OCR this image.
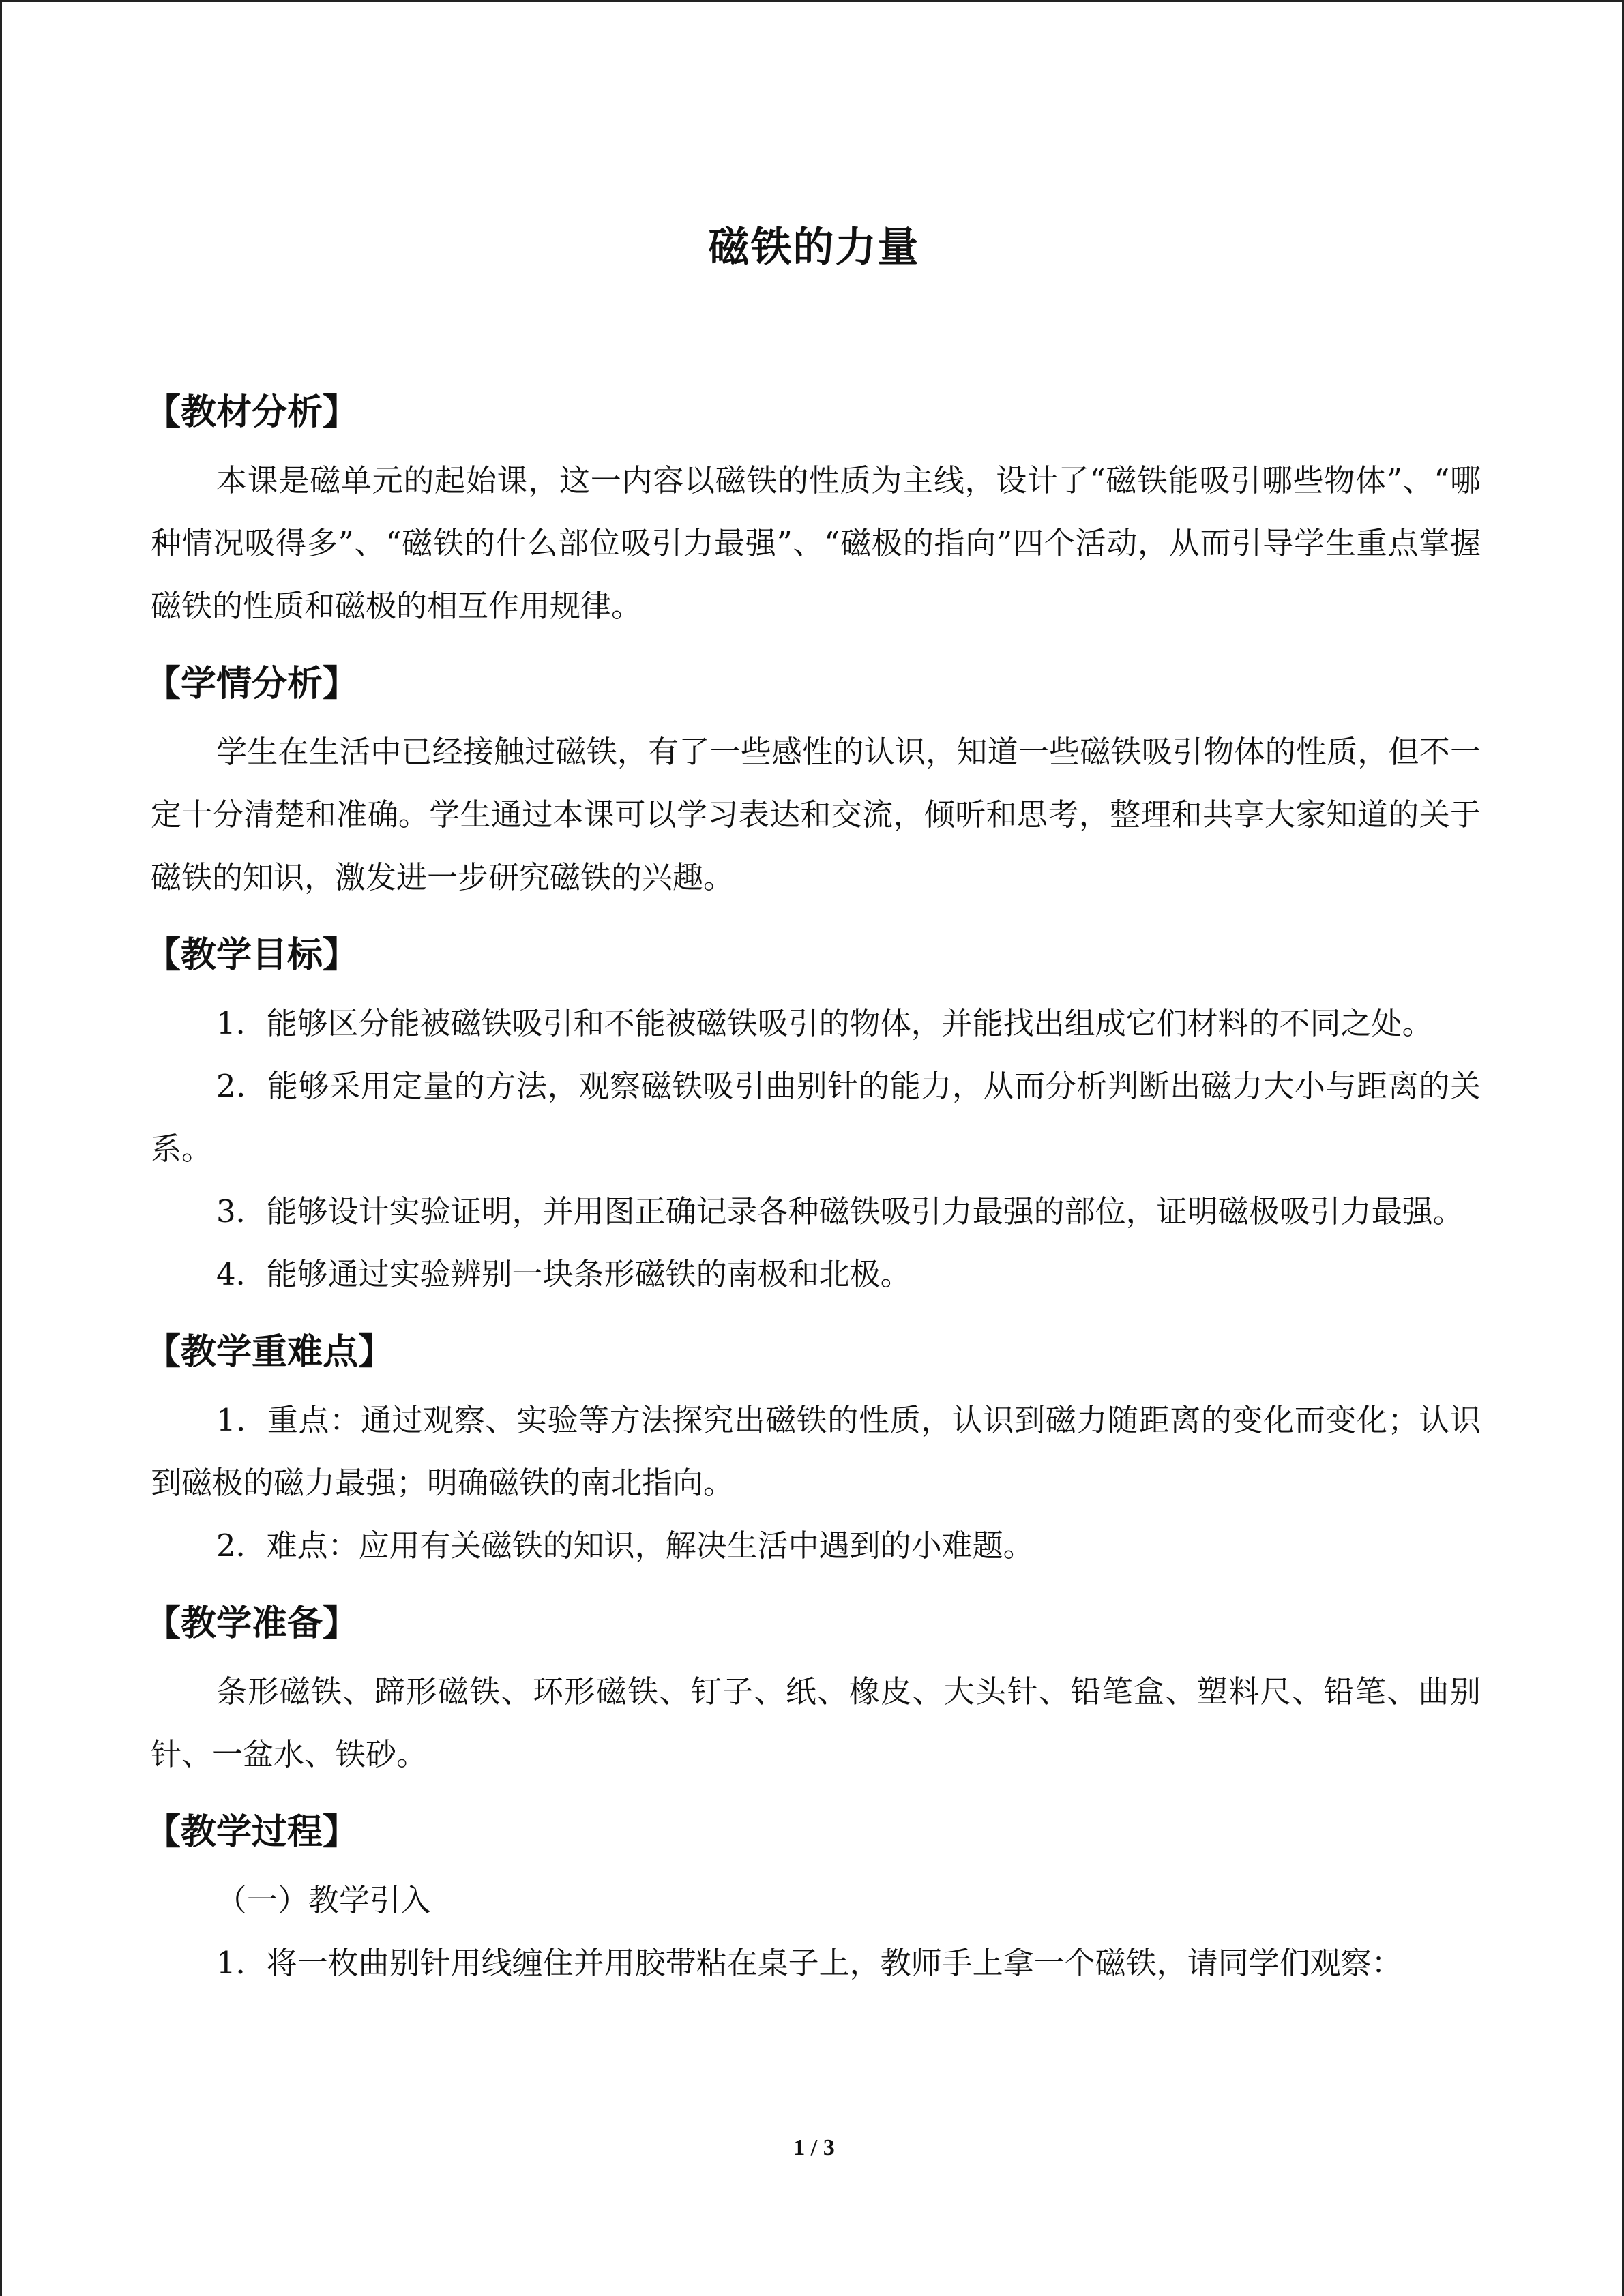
磁铁的力量

【教材分析】

本课是磁单元的起始课，这一内容以磁铁的性质为主线，设计了“磁铁能吸引哪些物体”、“哪种情况吸得多”、“磁铁的什么部位吸引力最强”、“磁极的指向”四个活动，从而引导学生重点掌握磁铁的性质和磁极的相互作用规律。

【学情分析】

学生在生活中已经接触过磁铁，有了一些感性的认识，知道一些磁铁吸引物体的性质，但不一定十分清楚和准确。学生通过本课可以学习表达和交流，倾听和思考，整理和共享大家知道的关于磁铁的知识，激发进一步研究磁铁的兴趣。

【教学目标】

1．能够区分能被磁铁吸引和不能被磁铁吸引的物体，并能找出组成它们材料的不同之处。

2．能够采用定量的方法，观察磁铁吸引曲别针的能力，从而分析判断出磁力大小与距离的关系。

3．能够设计实验证明，并用图正确记录各种磁铁吸引力最强的部位，证明磁极吸引力最强。

4．能够通过实验辨别一块条形磁铁的南极和北极。

【教学重难点】

1．重点：通过观察、实验等方法探究出磁铁的性质，认识到磁力随距离的变化而变化；认识到磁极的磁力最强；明确磁铁的南北指向。

2．难点：应用有关磁铁的知识，解决生活中遇到的小难题。

【教学准备】

条形磁铁、蹄形磁铁、环形磁铁、钉子、纸、橡皮、大头针、铅笔盒、塑料尺、铅笔、曲别针、一盆水、铁砂。

【教学过程】

（一）教学引入

1．将一枚曲别针用线缠住并用胶带粘在桌子上，教师手上拿一个磁铁，请同学们观察：

1 / 3
